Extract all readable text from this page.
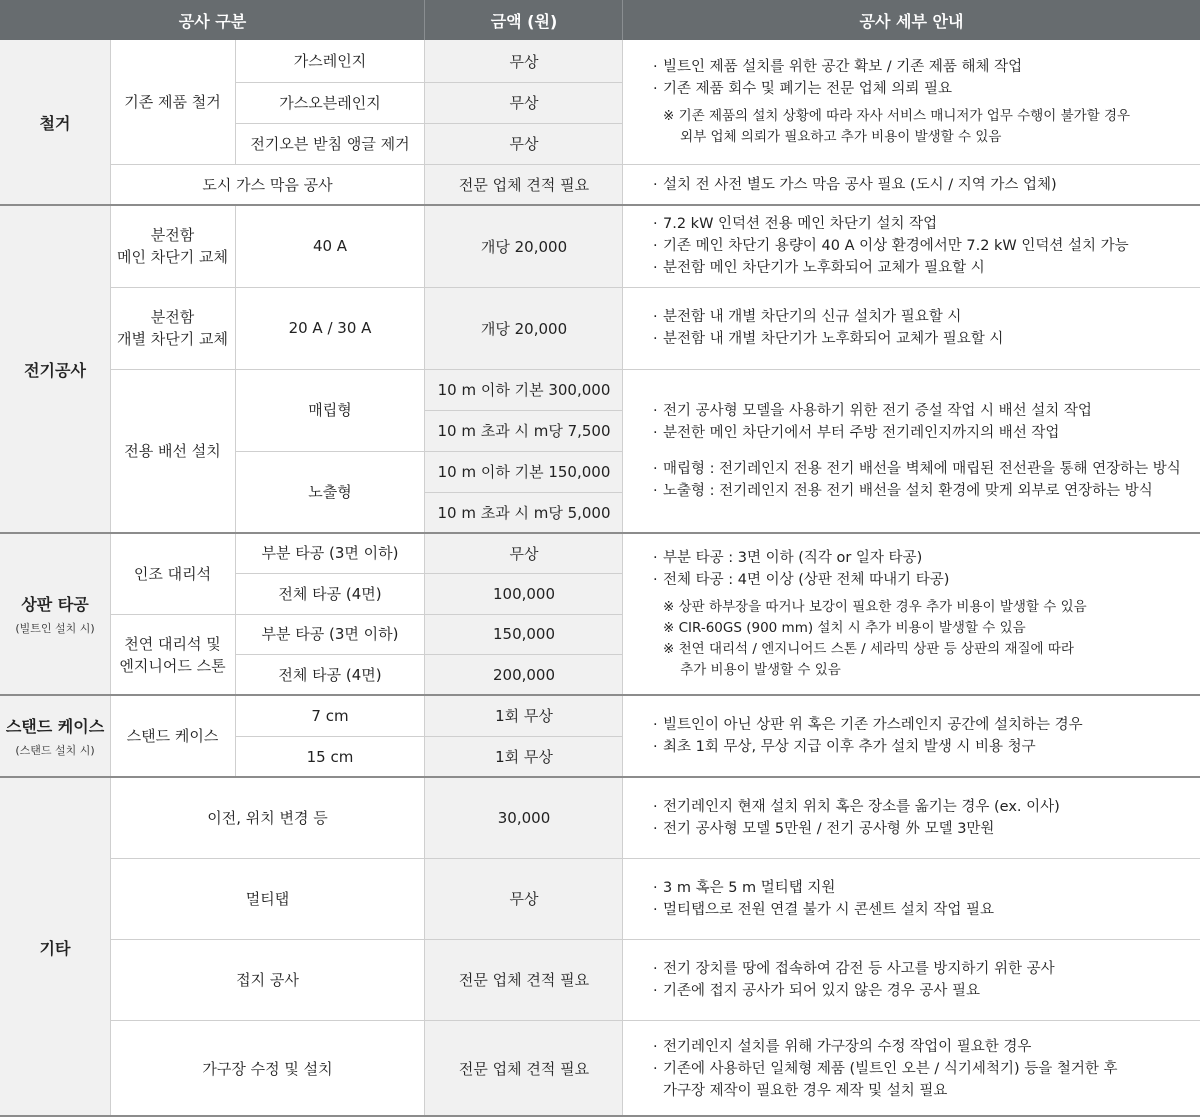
공사 구분	금액 (원)	공사 세부 안내
철거
전기공사
상판 타공
(빌트인 설치 시)
스탠드 케이스
(스탠드 설치 시)
기타
기존 제품 철거
가스레인지
가스오븐레인지
전기오븐 받침 앵글 제거
무상
무상
무상
· 빌트인 제품 설치를 위한 공간 확보 / 기존 제품 해체 작업
· 기존 제품 회수 및 폐기는 전문 업체 의뢰 필요
※ 기존 제품의 설치 상황에 따라 자사 서비스 매니저가 업무 수행이 불가할 경우
외부 업체 의뢰가 필요하고 추가 비용이 발생할 수 있음
도시 가스 막음 공사	전문 업체 견적 필요
·	설치 전 사전 별도 가스 막음 공사 필요 (도시 / 지역 가스 업체)
분전함
메인 차단기 교체
40 A	개당 20,000
· 7.2 kW 인덕션 전용 메인 차단기 설치 작업
· 기존 메인 차단기 용량이 40 A 이상 환경에서만 7.2 kW 인덕션 설치 가능
· 분전함 메인 차단기가 노후화되어 교체가 필요할 시
분전함
개별 차단기 교체
20 A / 30 A	개당 20,000
· 분전함 내 개별 차단기의 신규 설치가 필요할 시
· 분전함 내 개별 차단기가 노후화되어 교체가 필요할 시
전용 배선 설치
매립형
노출형
10 m 이하 기본 300,000
10 m 초과 시 m당 7,500
10 m 이하 기본 150,000
10 m 초과 시 m당 5,000
· 전기 공사형 모델을 사용하기 위한 전기 증설 작업 시 배선 설치 작업
· 분전한 메인 차단기에서 부터 주방 전기레인지까지의 배선 작업
· 매립형 : 전기레인지 전용 전기 배선을 벽체에 매립된 전선관을 통해 연장하는 방식
· 노출형 : 전기레인지 전용 전기 배선을 설치 환경에 맞게 외부로 연장하는 방식
인조 대리석
부분 타공 (3면 이하)
전체 타공 (4면)
무상
100,000
천연 대리석 및
엔지니어드 스톤
부분 타공 (3면 이하)
전체 타공 (4면)
150,000
200,000
· 부분 타공 : 3면 이하 (직각 or 일자 타공)
· 전체 타공 : 4면 이상 (상판 전체 따내기 타공)
※ 상판 하부장을 따거나 보강이 필요한 경우 추가 비용이 발생할 수 있음
※ CIR-60GS (900 mm) 설치 시 추가 비용이 발생할 수 있음
※ 천연 대리석 / 엔지니어드 스톤 / 세라믹 상판 등 상판의 재질에 따라
추가 비용이 발생할 수 있음
스탠드 케이스
7 cm
15 cm
1회 무상
1회 무상
· 빌트인이 아닌 상판 위 혹은 기존 가스레인지 공간에 설치하는 경우
· 최초 1회 무상, 무상 지급 이후 추가 설치 발생 시 비용 청구
이전, 위치 변경 등	30,000
· 전기레인지 현재 설치 위치 혹은 장소를 옮기는 경우 (ex. 이사)
· 전기 공사형 모델 5만원 / 전기 공사형 外 모델 3만원
멀티탭	무상
· 3 m 혹은 5 m 멀티탭 지원
· 멀티탭으로 전원 연결 불가 시 콘센트 설치 작업 필요
접지 공사	전문 업체 견적 필요
· 전기 장치를 땅에 접속하여 감전 등 사고를 방지하기 위한 공사
· 기존에 접지 공사가 되어 있지 않은 경우 공사 필요
가구장 수정 및 설치	전문 업체 견적 필요
· 전기레인지 설치를 위해 가구장의 수정 작업이 필요한 경우
· 기존에 사용하던 일체형 제품 (빌트인 오븐 / 식기세척기) 등을 철거한 후
가구장 제작이 필요한 경우 제작 및 설치 필요
